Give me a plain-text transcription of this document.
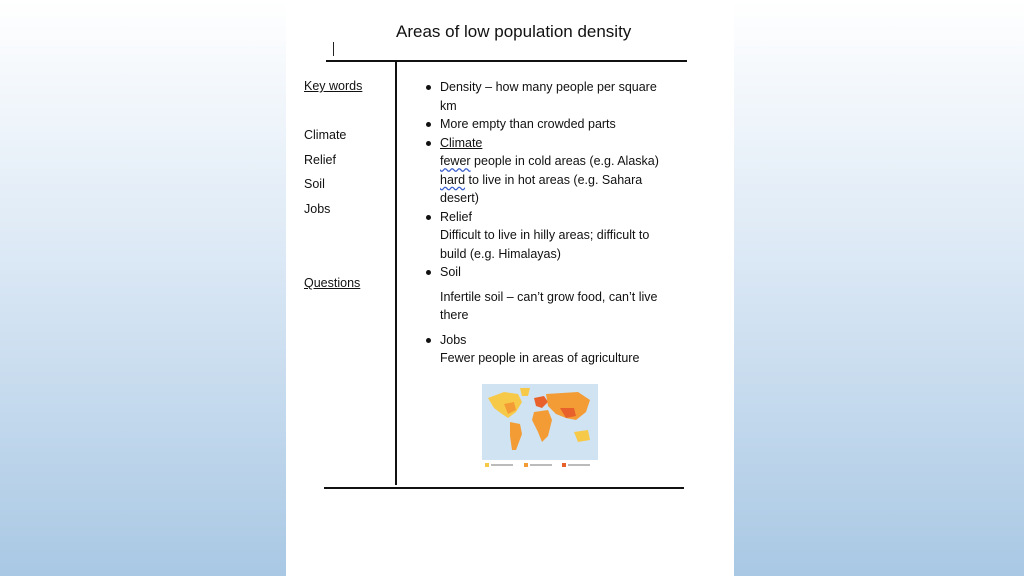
Areas of low population density
Key words
Climate
Relief
Soil
Jobs
Questions
Density – how many people per square
km
More empty than crowded parts
Climate
fewer people in cold areas (e.g. Alaska)
hard to live in hot areas (e.g. Sahara
desert)
Relief
Difficult to live in hilly areas; difficult to
build (e.g. Himalayas)
Soil
Infertile soil – can’t grow food, can’t live
there
Jobs
Fewer people in areas of agriculture
